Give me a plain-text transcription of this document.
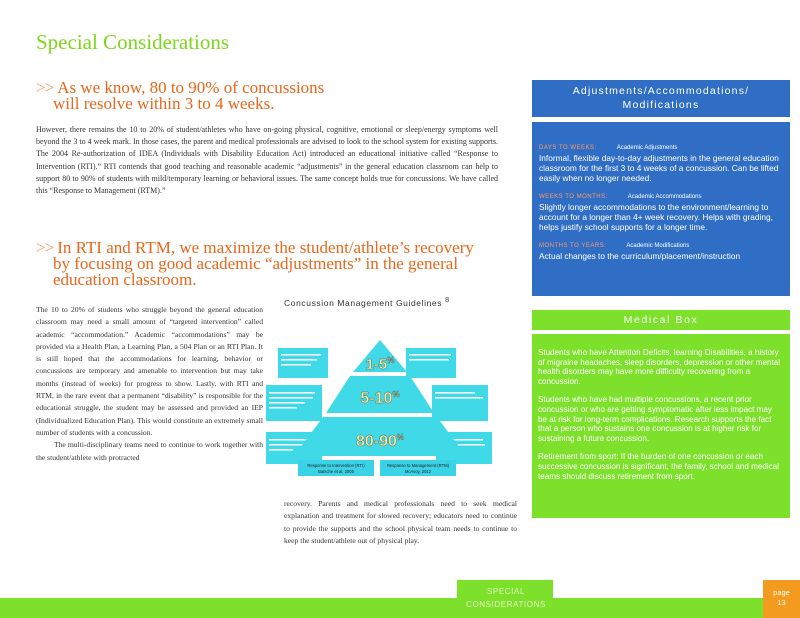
Special Considerations
>> As we know, 80 to 90% of concussions
will resolve within 3 to 4 weeks.
However, there remains the 10 to 20% of student/athletes who have on-going physical, cognitive, emotional or sleep/energy symptoms well beyond the 3 to 4 week mark. In those cases, the parent and medical professionals are advised to look to the school system for existing supports. The 2004 Re-authorization of IDEA (Individuals with Disability Education Act) introduced an educational initiative called “Response to Intervention (RTI).” RTI contends that good teaching and reasonable academic “adjustments” in the general education classroom can help to support 80 to 90% of students with mild/temporary learning or behavioral issues. The same concept holds true for concussions. We have called this “Response to Management (RTM).”
>> In RTI and RTM, we maximize the student/athlete’s recovery
by focusing on good academic “adjustments” in the general
education classroom.
The 10 to 20% of students who struggle beyond the general education classroom may need a small amount of “targeted intervention” called academic “accommodation.” Academic “accommodations” may be provided via a Health Plan, a Learning Plan, a 504 Plan or an RTI Plan. It is still hoped that the accommodations for learning, behavior or concussions are temporary and amenable to intervention but may take months (instead of weeks) for progress to show. Lastly, with RTI and RTM, in the rare event that a permanent “disability” is responsible for the educational struggle, the student may be assessed and provided an IEP (Individualized Education Plan). This would constitute an extremely small number of students with a concussion.
The multi-disciplinary teams need to continue to work together with the student/athlete with protracted
Concussion Management Guidelines $^8$
1-5%
5-10%
80-90%
Response to Intervention (RTI)
Batsche et al, 2005
Response to Management (RTM)
McAvoy, 2012
recovery. Parents and medical professionals need to seek medical explanation and treatment for slowed recovery; educators need to continue to provide the supports and the school physical team needs to continue to keep the student/athlete out of physical play.
Adjustments/Accommodations/
Modifications
DAYS TO WEEKS:	Academic Adjustments
Informal, flexible day-to-day adjustments in the general education classroom for the first 3 to 4 weeks of a concussion. Can be lifted easily when no longer needed.
WEEKS TO MONTHS:	Academic Accommodations
Slightly longer accommodations to the environment/learning to account for a longer than 4+ week recovery. Helps with grading, helps justify school supports for a longer time.
MONTHS TO YEARS:	Academic Modifications
Actual changes to the curriculum/placement/instruction
Medical Box

Students who have Attention Deficits, learning Disabilities, a history of migraine headaches, sleep disorders, depression or other mental health disorders may have more difficulty recovering from a concussion.

Students who have had multiple concussions, a recent prior concussion or who are getting symptomatic after less impact may be at risk for long-term complications. Research supports the fact that a person who sustains one concussion is at higher risk for sustaining a future concussion.

Retirement from sport: If the burden of one concussion or each successive concussion is significant, the family, school and medical teams should discuss retirement from sport.

SPECIAL
CONSIDERATIONS
page
13
